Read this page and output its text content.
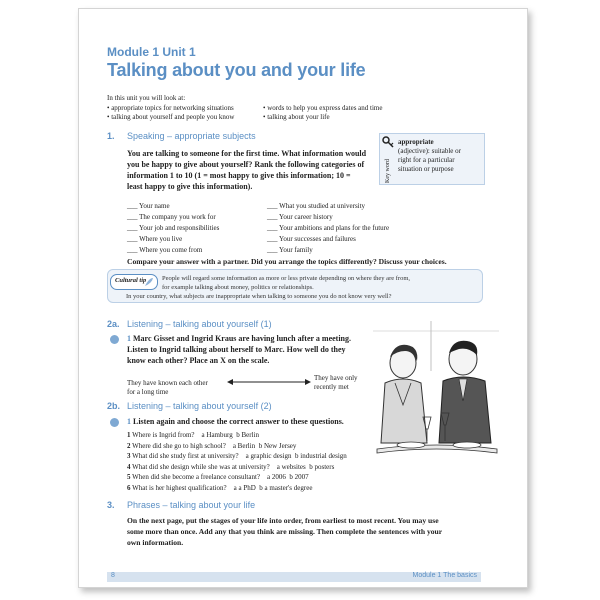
Module 1 Unit 1
Talking about you and your life
In this unit you will look at:
• appropriate topics for networking situations
• talking about yourself and people you know
• words to help you express dates and time
• talking about your life
1. Speaking – appropriate subjects
You are talking to someone for the first time. What information would
you be happy to give about yourself? Rank the following categories of
information 1 to 10 (1 = most happy to give this information; 10 =
least happy to give this information).
Key word
appropriate
(adjective): suitable or
right for a particular
situation or purpose
___ Your name
___ The company you work for
___ Your job and responsibilities
___ Where you live
___ Where you come from
___ What you studied at university
___ Your career history
___ Your ambitions and plans for the future
___ Your successes and failures
___ Your family
Compare your answer with a partner. Did you arrange the topics differently? Discuss your choices.
Cultural tip People will regard some information as more or less private depending on where they are from,
for example talking about money, politics or relationships.
In your country, what subjects are inappropriate when talking to someone you do not know very well?
2a. Listening – talking about yourself (1)
1 Marc Gisset and Ingrid Kraus are having lunch after a meeting.
Listen to Ingrid talking about herself to Marc. How well do they
know each other? Place an X on the scale.
They have known each other
for a long time
They have only
recently met
2b. Listening – talking about yourself (2)
1 Listen again and choose the correct answer to these questions.
1 Where is Ingrid from? a Hamburg b Berlin
2 Where did she go to high school? a Berlin b New Jersey
3 What did she study first at university? a graphic design b industrial design
4 What did she design while she was at university? a websites b posters
5 When did she become a freelance consultant? a 2006 b 2007
6 What is her highest qualification? a a PhD b a master's degree
3. Phrases – talking about your life
On the next page, put the stages of your life into order, from earliest to most recent. You may use
some more than once. Add any that you think are missing. Then complete the sentences with your
own information.
8	Module 1 The basics
